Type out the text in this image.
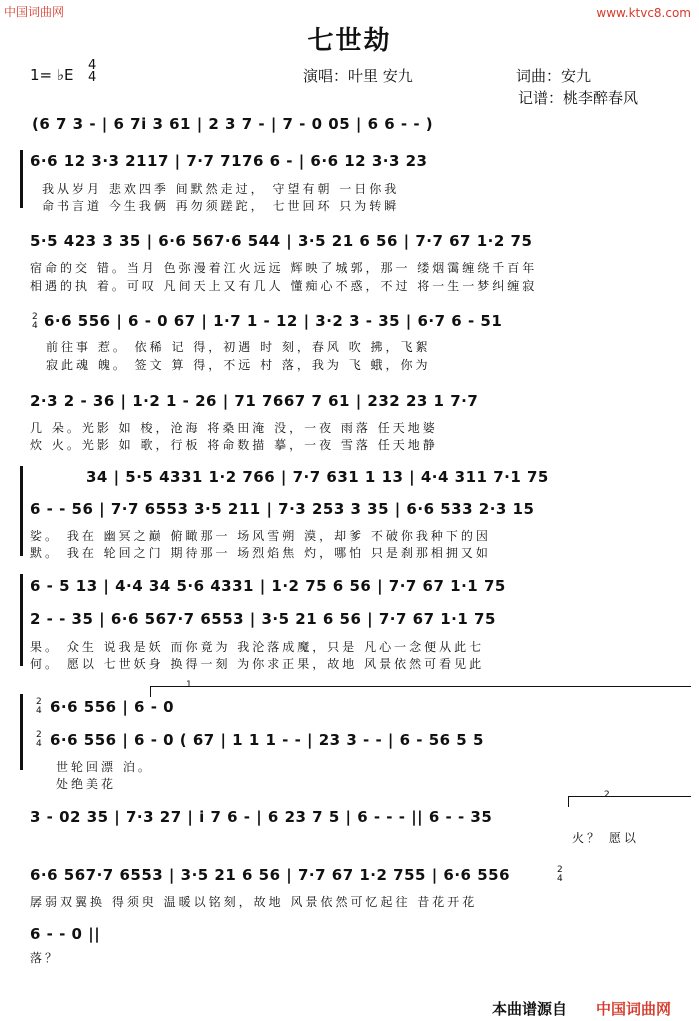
中国词曲网	www.ktvc8.com
七世劫
1= ♭E
4
4	演唱：叶里 安九	词曲：安九
记谱：桃李醉春风
(6 7 3 - | 6 7i 3 61 | 2 3 7 - | 7 - 0 05 | 6 6 - - )
6·6 12 3·3 2117 | 7·7 7176 6 - | 6·6 12 3·3 23
我从岁月 悲欢四季 间默然走过， 守望有朝 一日你我
命书言道 今生我俩 再勿须蹉跎， 七世回环 只为转瞬
5·5 423 3 35 | 6·6 567·6 544 | 3·5 21 6 56 | 7·7 67 1·2 75
宿命的交 错。当月 色弥漫着江火远远 辉映了城郭，那一 缕烟霭缠绕千百年
相遇的执 着。可叹 凡间天上又有几人 懂痴心不惑，不过 将一生一梦纠缠寂
2
4 6·6 556 | 6 - 0 67 | 1·7 1 - 12 | 3·2 3 - 35 | 6·7 6 - 51
前往事 惹。 依稀 记 得，初遇 时 刻，春风 吹 拂，飞絮
寂此魂 魄。 签文 算 得，不远 村 落，我为 飞 蛾，你为
2·3 2 - 36 | 1·2 1 - 26 | 71 7667 7 61 | 232 23 1 7·7
几 朵。光影 如 梭，沧海 将桑田淹 没，一夜 雨落 任天地婆
炊 火。光影 如 歌，行板 将命数描 摹，一夜 雪落 任天地静
34 | 5·5 4331 1·2 766 | 7·7 631 1 13 | 4·4 311 7·1 75
6 - - 56 | 7·7 6553 3·5 211 | 7·3 253 3 35 | 6·6 533 2·3 15
娑。 我在 幽冥之巅 俯瞰那一 场风雪朔 漠，却爹 不破你我种下的因
默。 我在 轮回之门 期待那一 场烈焰焦 灼，哪怕 只是刹那相拥又如
6 - 5 13 | 4·4 34 5·6 4331 | 1·2 75 6 56 | 7·7 67 1·1 75
2 - - 35 | 6·6 567·7 6553 | 3·5 21 6 56 | 7·7 67 1·1 75
果。 众生 说我是妖 而你竟为 我沦落成魔，只是 凡心一念便从此七
何。 愿以 七世妖身 换得一刻 为你求正果，故地 风景依然可看见此
1
2
4 6·6 556 | 6 - 0
2
4 6·6 556 | 6 - 0 ( 67 | 1 1 1 - - | 23 3 - - | 6 - 56 5 5
世轮回漂 泊。
处绝美花
2
3 - 02 35 | 7·3 27 | i 7 6 - | 6 23 7 5 | 6 - - - || 6 - - 35
火？ 愿以
6·6 567·7 6553 | 3·5 21 6 56 | 7·7 67 1·2 755 | 6·6 556	2
4
孱弱双翼换 得须臾 温暖以铭刻，故地 风景依然可忆起往 昔花开花
6 - - 0 ||
落？
本曲谱源自 中国词曲网
